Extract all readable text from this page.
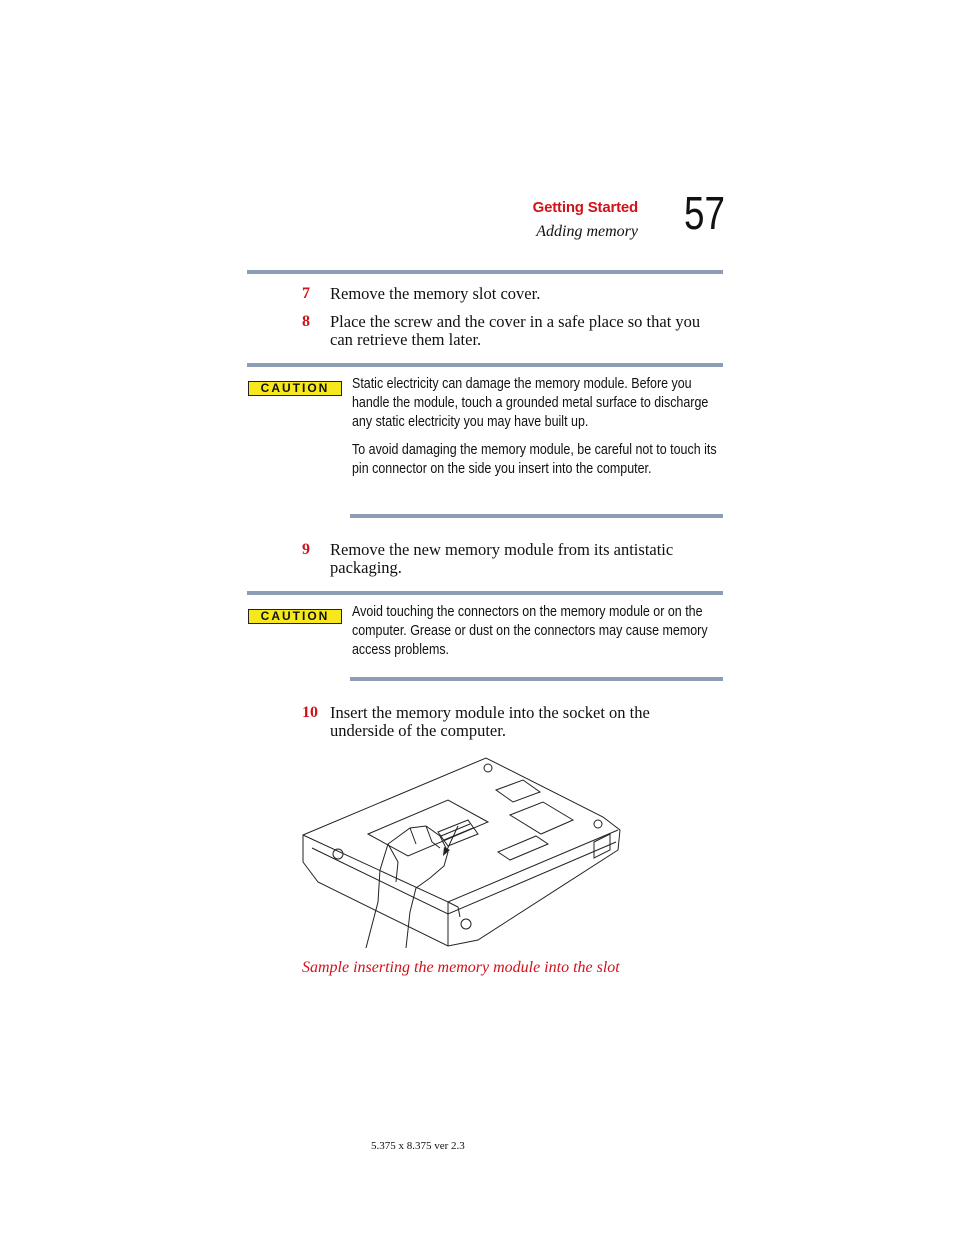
Getting Started
Adding memory 57
7	Remove the memory slot cover.
8	Place the screw and the cover in a safe place so that you can retrieve them later.
CAUTION	Static electricity can damage the memory module. Before you handle the module, touch a grounded metal surface to discharge any static electricity you may have built up.
To avoid damaging the memory module, be careful not to touch its pin connector on the side you insert into the computer.
9	Remove the new memory module from its antistatic packaging.
CAUTION	Avoid touching the connectors on the memory module or on the computer. Grease or dust on the connectors may cause memory access problems.
10 Insert the memory module into the socket on the underside of the computer.
Sample inserting the memory module into the slot
5.375 x 8.375 ver 2.3
